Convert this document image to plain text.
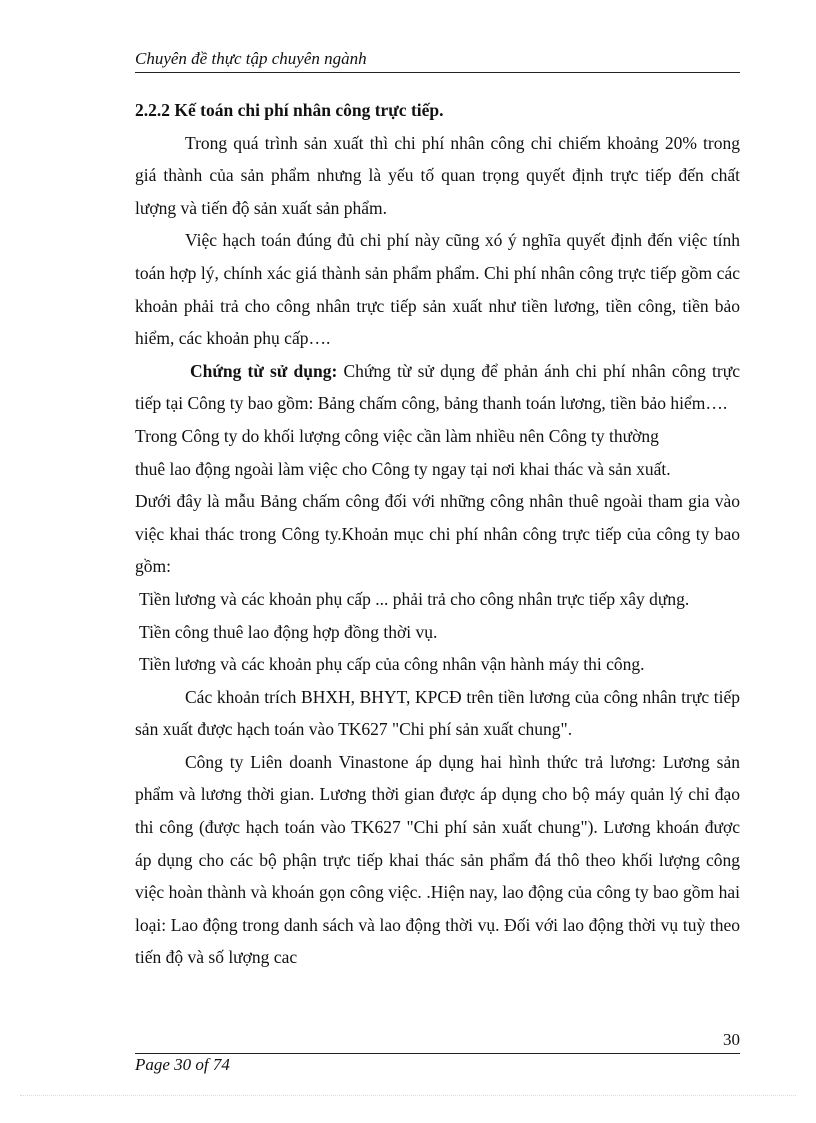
Chuyên đề thực tập chuyên ngành

2.2.2 Kế toán chi phí nhân công trực tiếp.

Trong quá trình sản xuất thì chi phí nhân công chỉ chiếm khoảng 20% trong giá thành của sản phẩm nhưng là yếu tố quan trọng quyết định trực tiếp đến chất lượng và tiến độ sản xuất sản phẩm.

Việc hạch toán đúng đủ chi phí này cũng xó ý nghĩa quyết định đến việc tính toán hợp lý, chính xác giá thành sản phẩm phẩm. Chi phí nhân công trực tiếp gồm các khoản phải trả cho công nhân trực tiếp sản xuất như tiền lương, tiền công, tiền bảo hiểm, các khoản phụ cấp….

Chứng từ sử dụng: Chứng từ sử dụng để phản ánh chi phí nhân công trực tiếp tại Công ty bao gồm: Bảng chấm công, bảng thanh toán lương, tiền bảo hiểm….

Trong Công ty do khối lượng công việc cần làm nhiều nên Công ty thường

thuê lao động ngoài làm việc cho Công ty ngay tại nơi khai thác và sản xuất.

Dưới đây là mẫu Bảng chấm công đối với những công nhân thuê ngoài tham gia vào việc khai thác trong Công ty.Khoản mục chi phí nhân công trực tiếp của công ty bao gồm:

Tiền lương và các khoản phụ cấp ... phải trả cho công nhân trực tiếp xây dựng.

Tiền công thuê lao động hợp đồng thời vụ.

Tiền lương và các khoản phụ cấp của công nhân vận hành máy thi công.

Các khoản trích BHXH, BHYT, KPCĐ trên tiền lương của công nhân trực tiếp sản xuất được hạch toán vào TK627 "Chi phí sản xuất chung".

Công ty Liên doanh Vinastone áp dụng hai hình thức trả lương: Lương sản phẩm và lương thời gian. Lương thời gian được áp dụng cho bộ máy quản lý chỉ đạo thi công (được hạch toán vào TK627 "Chi phí sản xuất chung"). Lương khoán được áp dụng cho các bộ phận trực tiếp khai thác sản phẩm đá thô theo khối lượng công việc hoàn thành và khoán gọn công việc. .Hiện nay, lao động của công ty bao gồm hai loại: Lao động trong danh sách và lao động thời vụ. Đối với lao động thời vụ tuỳ theo tiến độ và số lượng cac

30
Page 30 of 74
